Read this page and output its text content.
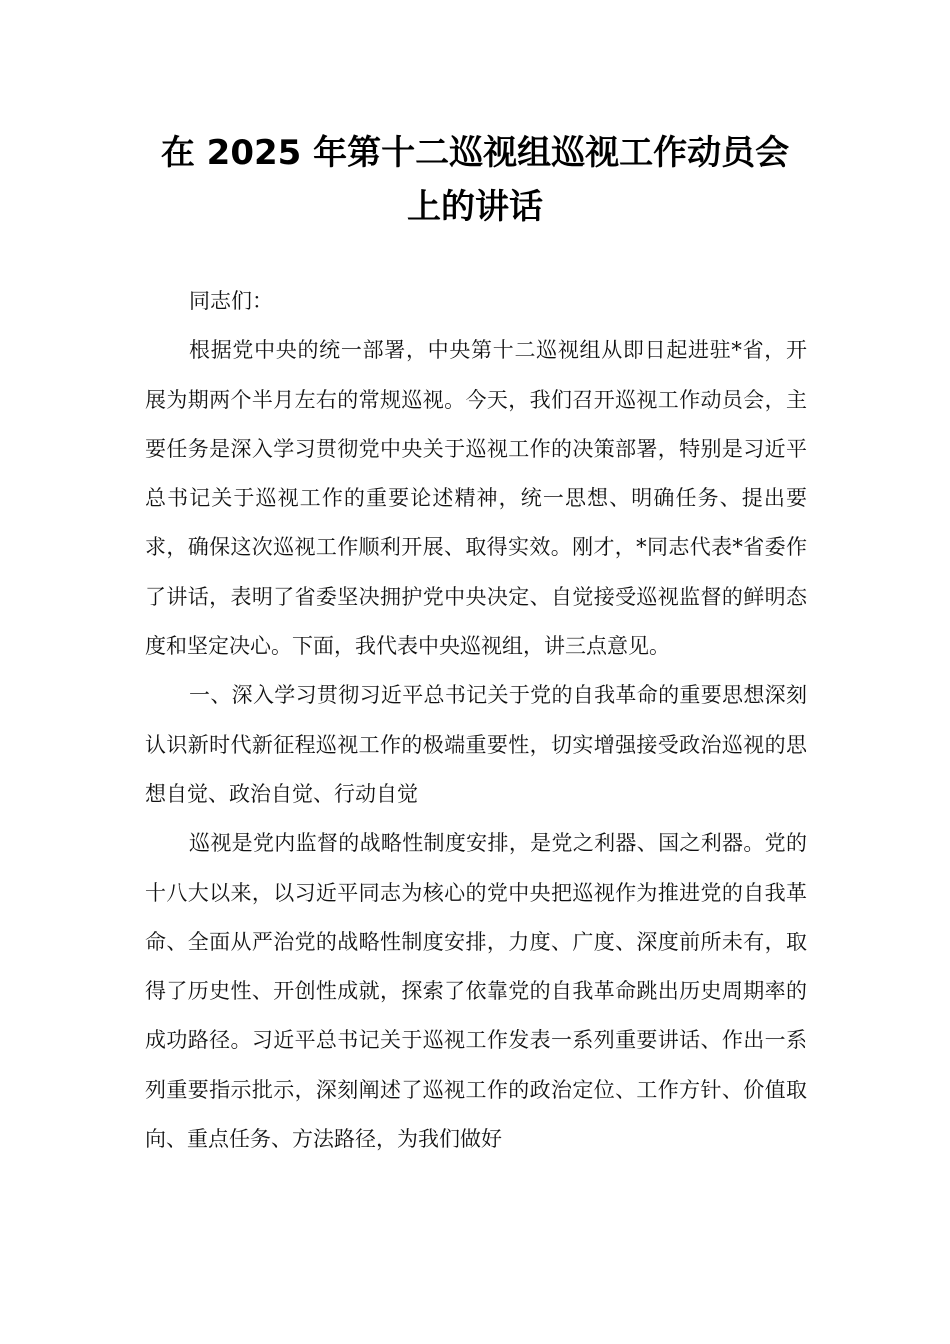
在 2025 年第十二巡视组巡视工作动员会上的讲话

同志们：

根据党中央的统一部署，中央第十二巡视组从即日起进驻*省，开展为期两个半月左右的常规巡视。今天，我们召开巡视工作动员会，主要任务是深入学习贯彻党中央关于巡视工作的决策部署，特别是习近平总书记关于巡视工作的重要论述精神，统一思想、明确任务、提出要求，确保这次巡视工作顺利开展、取得实效。刚才，*同志代表*省委作了讲话，表明了省委坚决拥护党中央决定、自觉接受巡视监督的鲜明态度和坚定决心。下面，我代表中央巡视组，讲三点意见。

一、深入学习贯彻习近平总书记关于党的自我革命的重要思想深刻认识新时代新征程巡视工作的极端重要性，切实增强接受政治巡视的思想自觉、政治自觉、行动自觉

巡视是党内监督的战略性制度安排，是党之利器、国之利器。党的十八大以来，以习近平同志为核心的党中央把巡视作为推进党的自我革命、全面从严治党的战略性制度安排，力度、广度、深度前所未有，取得了历史性、开创性成就，探索了依靠党的自我革命跳出历史周期率的成功路径。习近平总书记关于巡视工作发表一系列重要讲话、作出一系列重要指示批示，深刻阐述了巡视工作的政治定位、工作方针、价值取向、重点任务、方法路径，为我们做好
